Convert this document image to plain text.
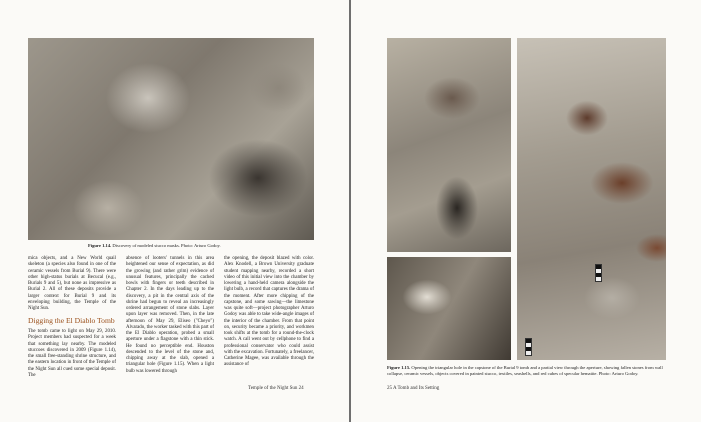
Figure 1.14. Discovery of modeled stucco masks. Photo: Arturo Godoy.

mica objects, and a New World quail skeleton (a species also found in one of the ceramic vessels from Burial 9). There were other high-status burials at Becucal (e.g., Burials 9 and 5), but none as impressive as Burial 2. All of these deposits provide a larger context for Burial 9 and its enveloping building, the Temple of the Night Sun.

Digging the El Diablo Tomb

The tomb came to light on May 29, 2010. Project members had suspected for a week that something lay nearby. The modeled stuccoes discovered in 2009 (Figure 1.14), the small free-standing shrine structure, and the eastern location in front of the Temple of the Night Sun all cued some special deposit. The

absence of looters' tunnels in this area heightened our sense of expectation, as did the growing (and rather grim) evidence of unusual features, principally the cached bowls with fingers or teeth described in Chapter 2. In the days leading up to the discovery, a pit in the central axis of the shrine had begun to reveal an increasingly ordered arrangement of stone slabs. Layer upon layer was removed. Then, in the late afternoon of May 29, Eliseo ("Cheyo") Alvarado, the worker tasked with this part of the El Diablo operation, probed a small aperture under a flagstone with a thin stick. He found no perceptible end. Houston descended to the level of the stone and, chipping away at the slab, opened a triangular hole (Figure 1.15). When a light bulb was lowered through

the opening, the deposit blazed with color. Alex Knodell, a Brown University graduate student mapping nearby, recorded a short video of this initial view into the chamber by lowering a hand-held camera alongside the light bulb, a record that captures the drama of the moment. After more chipping of the capstone, and some sawing—the limestone was quite soft—project photographer Arturo Godoy was able to take wide-angle images of the interior of the chamber. From that point on, security became a priority, and workmen took shifts at the tomb for a round-the-clock watch. A call went out by cellphone to find a professional conservator who could assist with the excavation. Fortunately, a freelancer, Catherine Magee, was available through the assistance of

Temple of the Night Sun 24
Figure 1.15. Opening the triangular hole in the capstone of the Burial 9 tomb and a partial view through the aperture, showing fallen stones from wall collapse, ceramic vessels, objects covered in painted stucco, textiles, seashells, and red cubes of specular hematite. Photo: Arturo Godoy.
25 A Tomb and Its Setting
